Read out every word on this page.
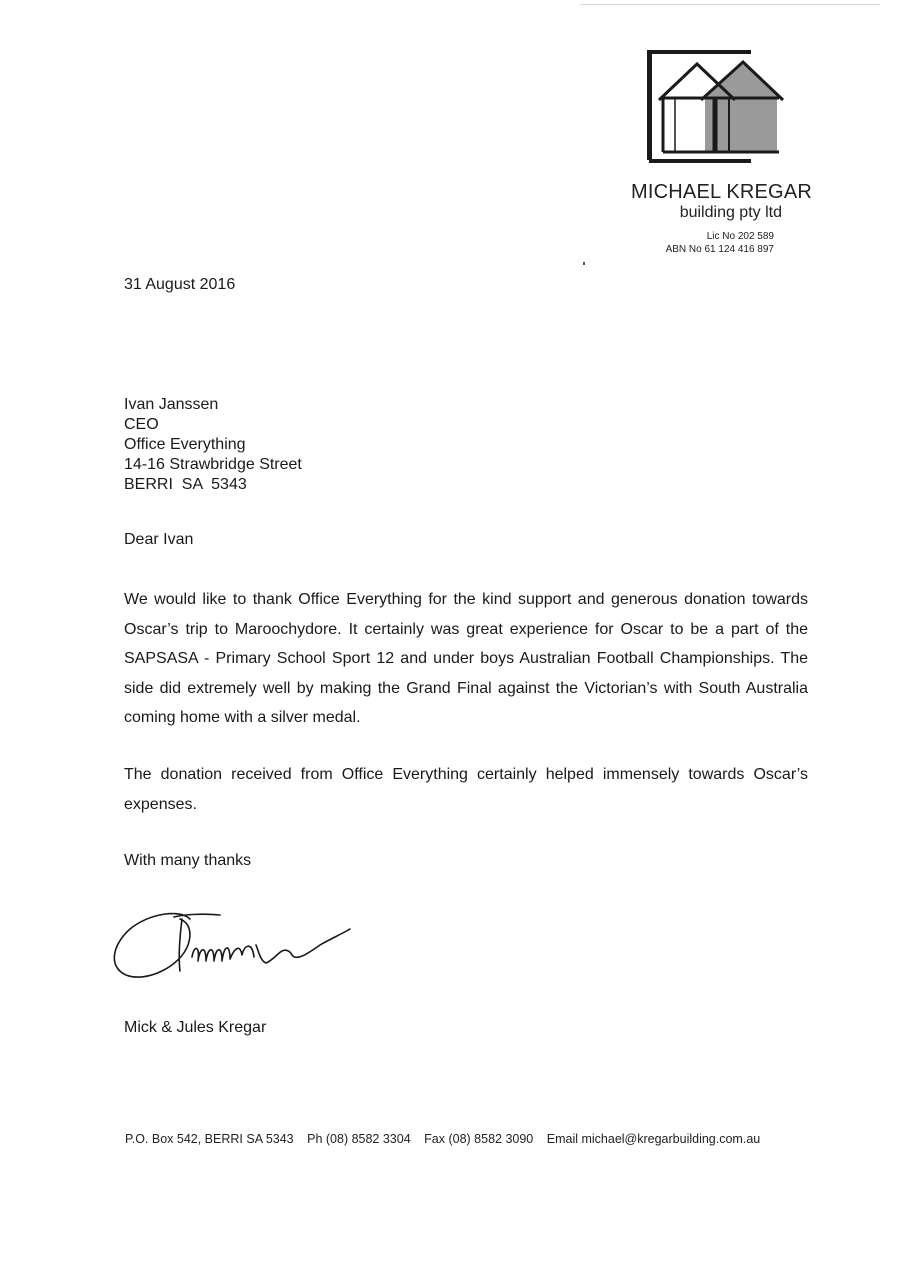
MICHAEL KREGAR
building pty ltd
Lic No 202 589
ABN No 61 124 416 897
31 August 2016
Ivan Janssen
CEO
Office Everything
14-16 Strawbridge Street
BERRI  SA  5343
Dear Ivan
We would like to thank Office Everything for the kind support and generous donation towards Oscar’s trip to Maroochydore. It certainly was great experience for Oscar to be a part of the SAPSASA - Primary School Sport 12 and under boys Australian Football Championships. The side did extremely well by making the Grand Final against the Victorian’s with South Australia coming home with a silver medal.
The donation received from Office Everything certainly helped immensely towards Oscar’s expenses.
With many thanks
Mick & Jules Kregar
P.O. Box 542, BERRI SA 5343 Ph (08) 8582 3304 Fax (08) 8582 3090 Email michael@kregarbuilding.com.au
